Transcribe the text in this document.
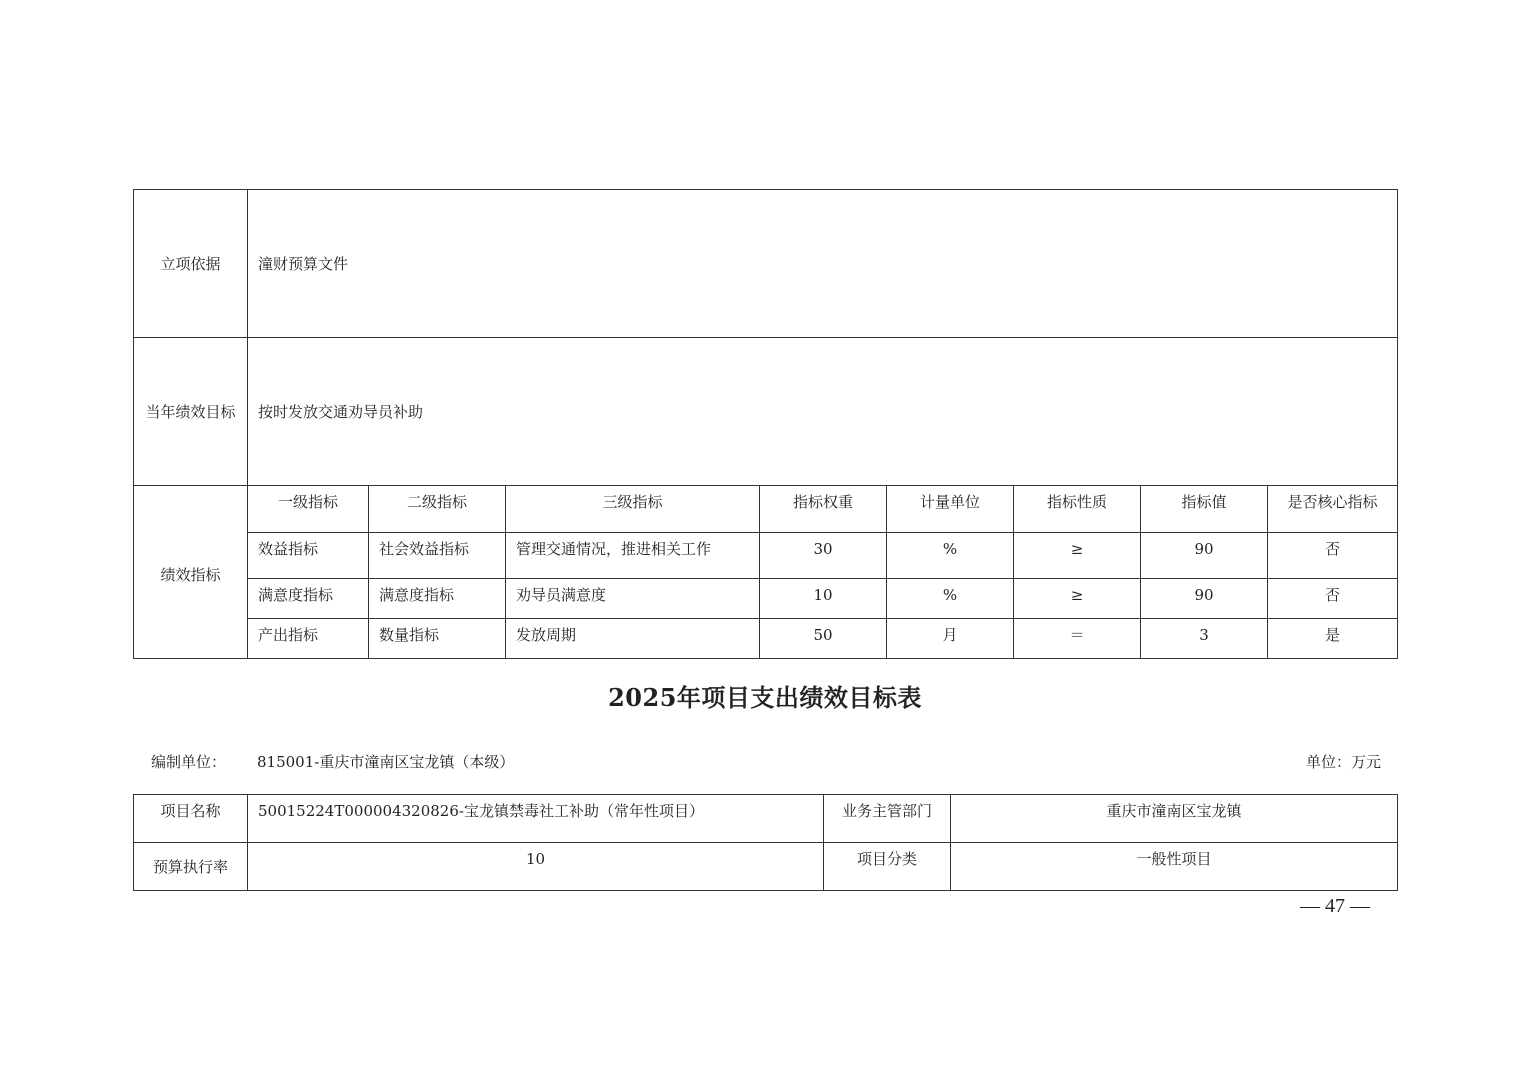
立项依据	潼财预算文件							
当年绩效目标	按时发放交通劝导员补助							
绩效指标	一级指标	二级指标	三级指标	指标权重	计量单位	指标性质	指标值	是否核心指标
	效益指标	社会效益指标	管理交通情况，推进相关工作	30	%	≥	90	否
	满意度指标	满意度指标	劝导员满意度	10	%	≥	90	否
	产出指标	数量指标	发放周期	50	月	＝	3	是
2025年项目支出绩效目标表
编制单位： 815001-重庆市潼南区宝龙镇（本级）	单位：万元
项目名称	50015224T000004320826-宝龙镇禁毒社工补助（常年性项目）	业务主管部门	重庆市潼南区宝龙镇
预算执行率	10	项目分类	一般性项目
— 47 —
